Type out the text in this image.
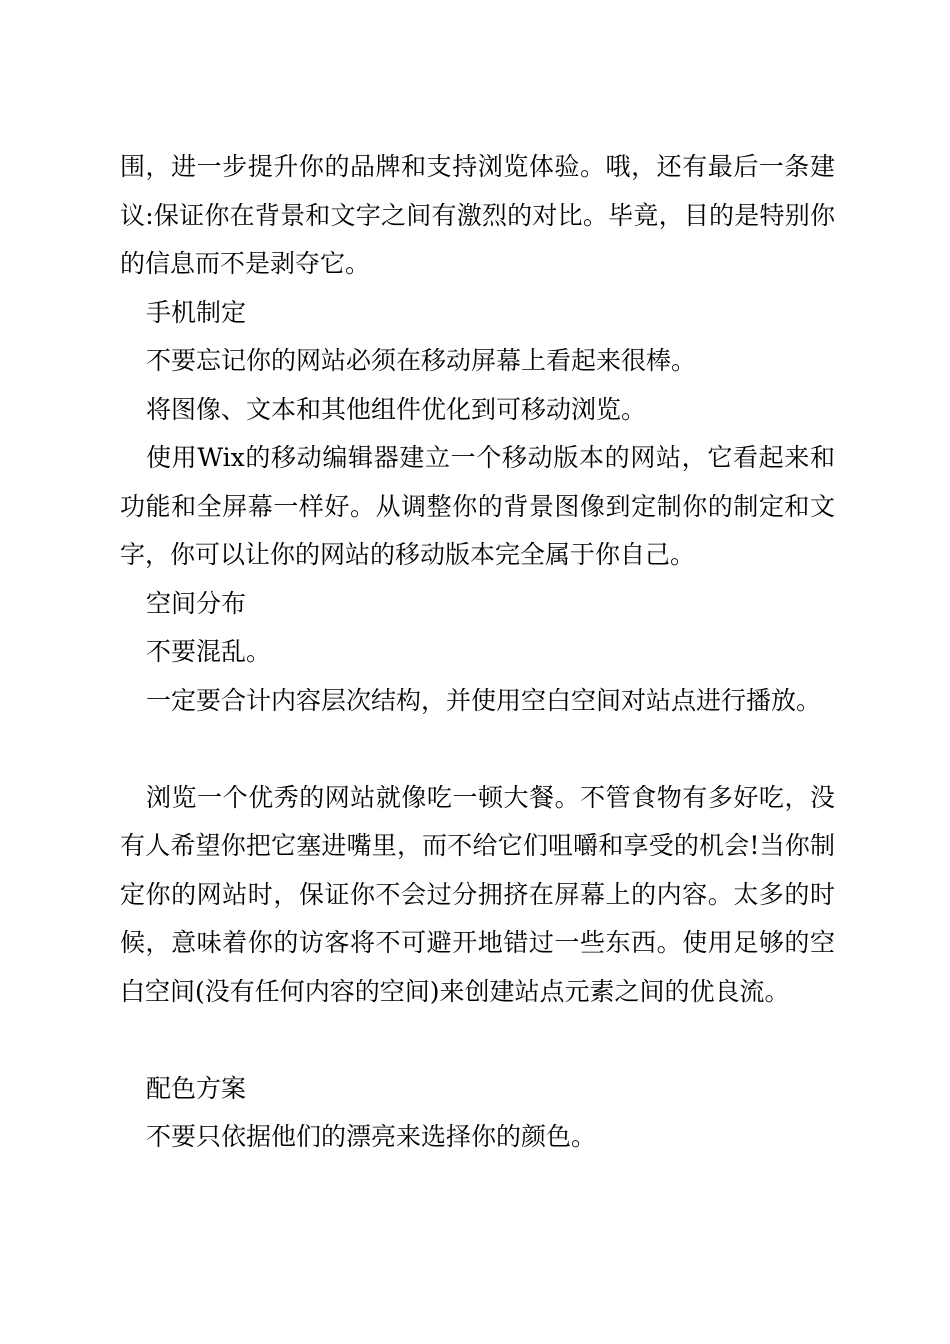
围，进一步提升你的品牌和支持浏览体验。哦，还有最后一条建议:保证你在背景和文字之间有激烈的对比。毕竟，目的是特别你的信息而不是剥夺它。

手机制定

不要忘记你的网站必须在移动屏幕上看起来很棒。

将图像、文本和其他组件优化到可移动浏览。

使用Wix的移动编辑器建立一个移动版本的网站，它看起来和功能和全屏幕一样好。从调整你的背景图像到定制你的制定和文字，你可以让你的网站的移动版本完全属于你自己。

空间分布

不要混乱。

一定要合计内容层次结构，并使用空白空间对站点进行播放。

浏览一个优秀的网站就像吃一顿大餐。不管食物有多好吃，没有人希望你把它塞进嘴里，而不给它们咀嚼和享受的机会!当你制定你的网站时，保证你不会过分拥挤在屏幕上的内容。太多的时候，意味着你的访客将不可避开地错过一些东西。使用足够的空白空间(没有任何内容的空间)来创建站点元素之间的优良流。

配色方案

不要只依据他们的漂亮来选择你的颜色。
